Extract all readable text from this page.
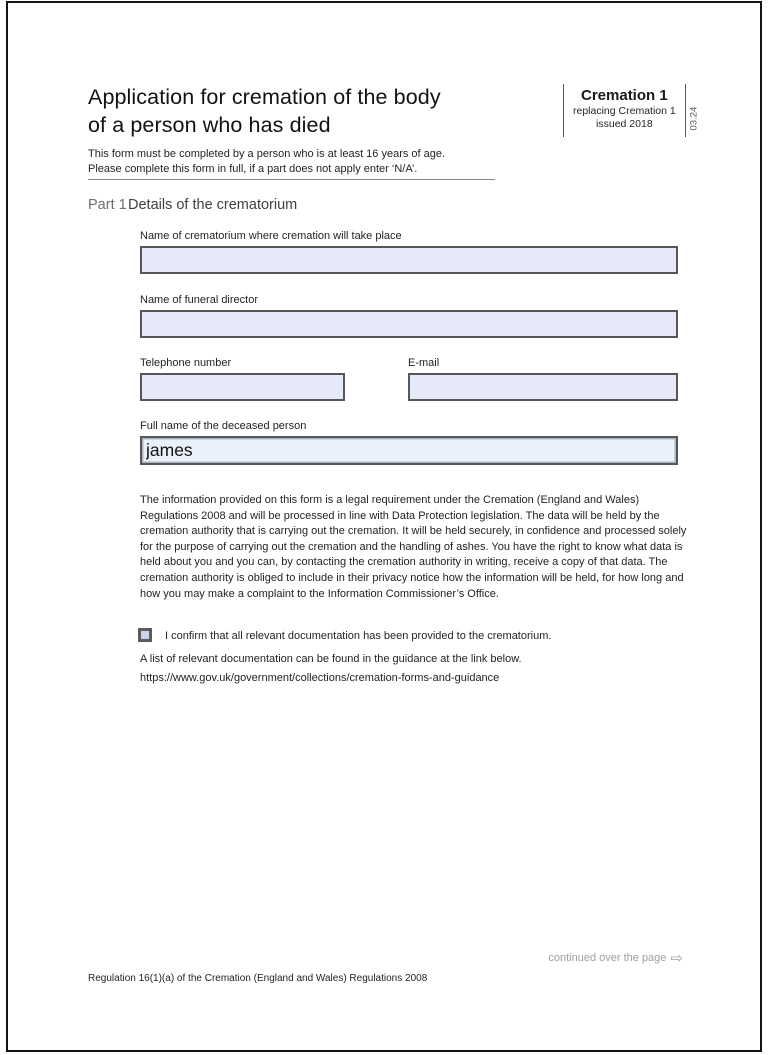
Application for cremation of the body
of a person who has died
Cremation 1
replacing Cremation 1
issued 2018	03.24
This form must be completed by a person who is at least 16 years of age.
Please complete this form in full, if a part does not apply enter ‘N/A’.
Part 1 Details of the crematorium
Name of crematorium where cremation will take place
Name of funeral director
Telephone number	E-mail
Full name of the deceased person
james
The information provided on this form is a legal requirement under the Cremation (England and Wales) Regulations 2008 and will be processed in line with Data Protection legislation. The data will be held by the cremation authority that is carrying out the cremation. It will be held securely, in confidence and processed solely for the purpose of carrying out the cremation and the handling of ashes. You have the right to know what data is held about you and you can, by contacting the cremation authority in writing, receive a copy of that data. The cremation authority is obliged to include in their privacy notice how the information will be held, for how long and how you may make a complaint to the Information Commissioner’s Office.
I confirm that all relevant documentation has been provided to the crematorium.
A list of relevant documentation can be found in the guidance at the link below.
https://www.gov.uk/government/collections/cremation-forms-and-guidance
continued over the page ⇨
Regulation 16(1)(a) of the Cremation (England and Wales) Regulations 2008
